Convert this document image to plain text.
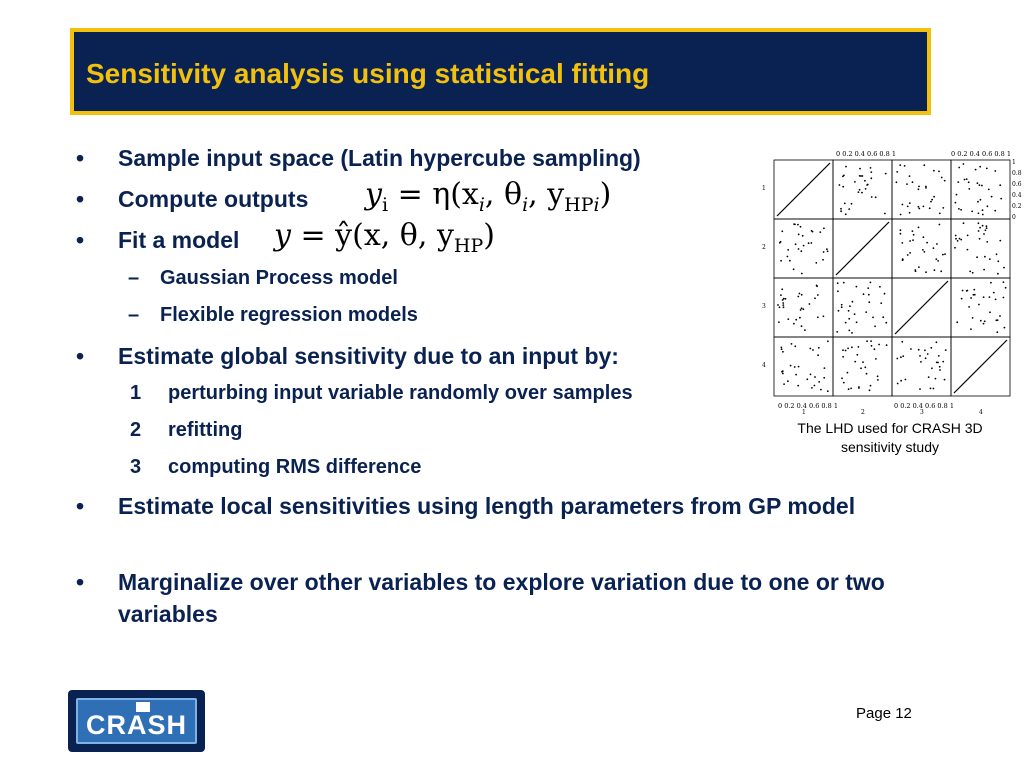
Sensitivity analysis using statistical fitting
•	Sample input space (Latin hypercube sampling)
•	Compute outputs $y_i = \eta(x_i$, $\theta_i$, $y_{HPi}$)
•	Fit a model y = ŷ(x, θ, $y_{HP}$)
– Gaussian Process model
– Flexible regression models
•	Estimate global sensitivity due to an input by:
1 perturbing input variable randomly over samples
2 refitting
3 computing RMS difference
•	Estimate local sensitivities using length parameters from GP model
•	Marginalize over other variables to explore variation due to one or two variables
0 0.2 0.4 0.6 0.8 1	0 0.2 0.4 0.6 0.8 1
0 0.2 0.4 0.6 0.8 1	0 0.2 0.4 0.6 0.8 1
1
2
3
4
1	2	3	4
1
0.8
0.6
0.4
0.2
0
The LHD used for CRASH 3D sensitivity study
CRASH	Page 12
